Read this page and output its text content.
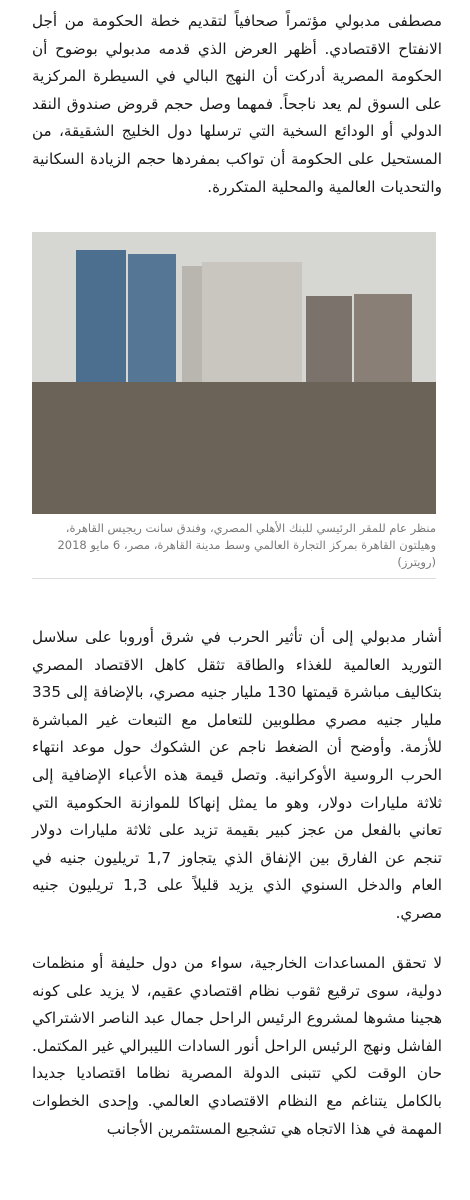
مصطفى مدبولي مؤتمراً صحافياً لتقديم خطة الحكومة من أجل الانفتاح الاقتصادي. أظهر العرض الذي قدمه مدبولي بوضوح أن الحكومة المصرية أدركت أن النهج البالي في السيطرة المركزية على السوق لم يعد ناجحاً. فمهما وصل حجم قروض صندوق النقد الدولي أو الودائع السخية التي ترسلها دول الخليج الشقيقة، من المستحيل على الحكومة أن تواكب بمفردها حجم الزيادة السكانية والتحديات العالمية والمحلية المتكررة.

منظر عام للمقر الرئيسي للبنك الأهلي المصري، وفندق سانت ريجيس القاهرة، وهيلتون القاهرة بمركز التجارة العالمي وسط مدينة القاهرة، مصر، 6 مايو 2018 (رويترز)

أشار مدبولي إلى أن تأثير الحرب في شرق أوروبا على سلاسل التوريد العالمية للغذاء والطاقة تثقل كاهل الاقتصاد المصري بتكاليف مباشرة قيمتها 130 مليار جنيه مصري، بالإضافة إلى 335 مليار جنيه مصري مطلوبين للتعامل مع التبعات غير المباشرة للأزمة. وأوضح أن الضغط ناجم عن الشكوك حول موعد انتهاء الحرب الروسية الأوكرانية. وتصل قيمة هذه الأعباء الإضافية إلى ثلاثة مليارات دولار، وهو ما يمثل إنهاكا للموازنة الحكومية التي تعاني بالفعل من عجز كبير بقيمة تزيد على ثلاثة مليارات دولار تنجم عن الفارق بين الإنفاق الذي يتجاوز 1,7 تريليون جنيه في العام والدخل السنوي الذي يزيد قليلاً على 1,3 تريليون جنيه مصري.

لا تحقق المساعدات الخارجية، سواء من دول حليفة أو منظمات دولية، سوى ترقيع ثقوب نظام اقتصادي عقيم، لا يزيد على كونه هجينا مشوها لمشروع الرئيس الراحل جمال عبد الناصر الاشتراكي الفاشل ونهج الرئيس الراحل أنور السادات الليبرالي غير المكتمل. حان الوقت لكي تتبنى الدولة المصرية نظاما اقتصاديا جديدا بالكامل يتناغم مع النظام الاقتصادي العالمي. وإحدى الخطوات المهمة في هذا الاتجاه هي تشجيع المستثمرين الأجانب
